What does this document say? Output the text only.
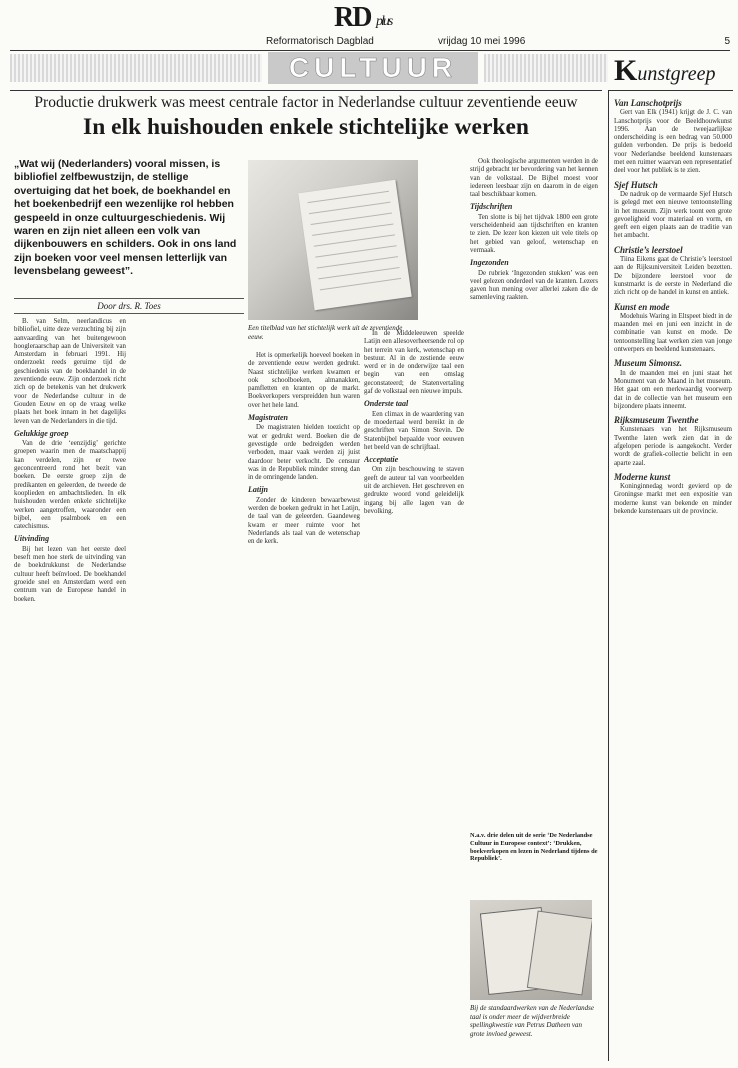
RD plus
Reformatorisch Dagblad	vrijdag 10 mei 1996	5
CULTUUR	Kunstgreep
Productie drukwerk was meest centrale factor in Nederlandse cultuur zeventiende eeuw
In elk huishouden enkele stichtelijke werken
„Wat wij (Nederlanders) vooral missen, is bibliofiel zelfbewustzijn, de stellige overtuiging dat het boek, de boekhandel en het boekenbedrijf een wezenlijke rol hebben gespeeld in onze cultuurgeschiedenis. Wij waren en zijn niet alleen een volk van dijkenbouwers en schilders. Ook in ons land zijn boeken voor veel mensen letterlijk van levensbelang geweest”.
Door drs. R. Toes

B. van Selm, neerlandicus en bibliofiel, uitte deze verzuchting bij zijn aanvaarding van het buitengewoon hoogleraarschap aan de Universiteit van Amsterdam in februari 1991. Hij onderzoekt reeds geruime tijd de geschiedenis van de boekhandel in de zeventiende eeuw. Zijn onderzoek richt zich op de betekenis van het drukwerk voor de Nederlandse cultuur in de Gouden Eeuw en op de vraag welke plaats het boek innam in het dagelijks leven van de Nederlanders in die tijd.

Gelukkige groep

Van de drie ‘eenzijdig’ gerichte groepen waarin men de maatschappij kan verdelen, zijn er twee geconcentreerd rond het bezit van boeken. De eerste groep zijn de predikanten en geleerden, de tweede de kooplieden en ambachtslieden. In elk huishouden werden enkele stichtelijke werken aangetroffen, waaronder een bijbel, een psalmboek en een catechismus.

Uitvinding

Bij het lezen van het eerste deel beseft men hoe sterk de uitvinding van de boekdrukkunst de Nederlandse cultuur heeft beïnvloed. De boekhandel groeide snel en Amsterdam werd een centrum van de Europese handel in boeken.

Een titelblad van het stichtelijk werk uit de zeventiende eeuw.

Het is opmerkelijk hoeveel boeken in de zeventiende eeuw werden gedrukt. Naast stichtelijke werken kwamen er ook schoolboeken, almanakken, pamfletten en kranten op de markt. Boekverkopers verspreidden hun waren over het hele land.

Magistraten

De magistraten hielden toezicht op wat er gedrukt werd. Boeken die de gevestigde orde bedreigden werden verboden, maar vaak werden zij juist daardoor beter verkocht. De censuur was in de Republiek minder streng dan in de omringende landen.

Latijn

Zonder de kinderen bewaarbewust werden de boeken gedrukt in het Latijn, de taal van de geleerden. Gaandeweg kwam er meer ruimte voor het Nederlands als taal van de wetenschap en de kerk.

In de Middeleeuwen speelde Latijn een allesoverheersende rol op het terrein van kerk, wetenschap en bestuur. Al in de zestiende eeuw werd er in de onderwijze taal een begin van een omslag geconstateerd; de Statenvertaling gaf de volkstaal een nieuwe impuls.

Onderste taal

Een climax in de waardering van de moedertaal werd bereikt in de geschriften van Simon Stevin. De Statenbijbel bepaalde voor eeuwen het beeld van de schrijftaal.

Acceptatie

Om zijn beschouwing te staven geeft de auteur tal van voorbeelden uit de archieven. Het geschreven en gedrukte woord vond geleidelijk ingang bij alle lagen van de bevolking.

Ook theologische argumenten werden in de strijd gebracht ter bevordering van het kennen van de volkstaal. De Bijbel moest voor iedereen leesbaar zijn en daarom in de eigen taal beschikbaar komen.

Tijdschriften

Ten slotte is bij het tijdvak 1800 een grote verscheidenheid aan tijdschriften en kranten te zien. De lezer kon kiezen uit vele titels op het gebied van geloof, wetenschap en vermaak.

Ingezonden

De rubriek ‘Ingezonden stukken’ was een veel gelezen onderdeel van de kranten. Lezers gaven hun mening over allerlei zaken die de samenleving raakten.

N.a.v. drie delen uit de serie ‘De Nederlandse Cultuur in Europese context’: ‘Drukken, boekverkopen en lezen in Nederland tijdens de Republiek’.
Bij de standaardwerken van de Nederlandse taal is onder meer de wijdverbreide spellingkwestie van Petrus Datheen van grote invloed geweest.
Van Lanschotprijs

Gert van Elk (1941) krijgt de J. C. van Lanschotprijs voor de Beeldhouwkunst 1996. Aan de tweejaarlijkse onderscheiding is een bedrag van 50.000 gulden verbonden. De prijs is bedoeld voor Nederlandse beeldend kunstenaars met een ruimer waarvan een representatief deel voor het publiek is te zien.

Sjef Hutsch

De nadruk op de vermaarde Sjef Hutsch is gelegd met een nieuwe tentoonstelling in het museum. Zijn werk toont een grote gevoeligheid voor materiaal en vorm, en geeft een eigen plaats aan de traditie van het ambacht.

Christie’s leerstoel

Tiina Eikens gaat de Christie’s leerstoel aan de Rijksuniversiteit Leiden bezetten. De bijzondere leerstoel voor de kunstmarkt is de eerste in Nederland die zich richt op de handel in kunst en antiek.

Kunst en mode

Modehuis Waring in Eltspeet biedt in de maanden mei en juni een inzicht in de combinatie van kunst en mode. De tentoonstelling laat werken zien van jonge ontwerpers en beeldend kunstenaars.

Museum Simonsz.

In de maanden mei en juni staat het Monument van de Maand in het museum. Het gaat om een merkwaardig voorwerp dat in de collectie van het museum een bijzondere plaats inneemt.

Rijksmuseum Twenthe

Kunstenaars van het Rijksmuseum Twenthe laten werk zien dat in de afgelopen periode is aangekocht. Verder wordt de grafiek-collectie belicht in een aparte zaal.

Moderne kunst

Koninginnedag wordt gevierd op de Groningse markt met een expositie van moderne kunst van bekende en minder bekende kunstenaars uit de provincie.
